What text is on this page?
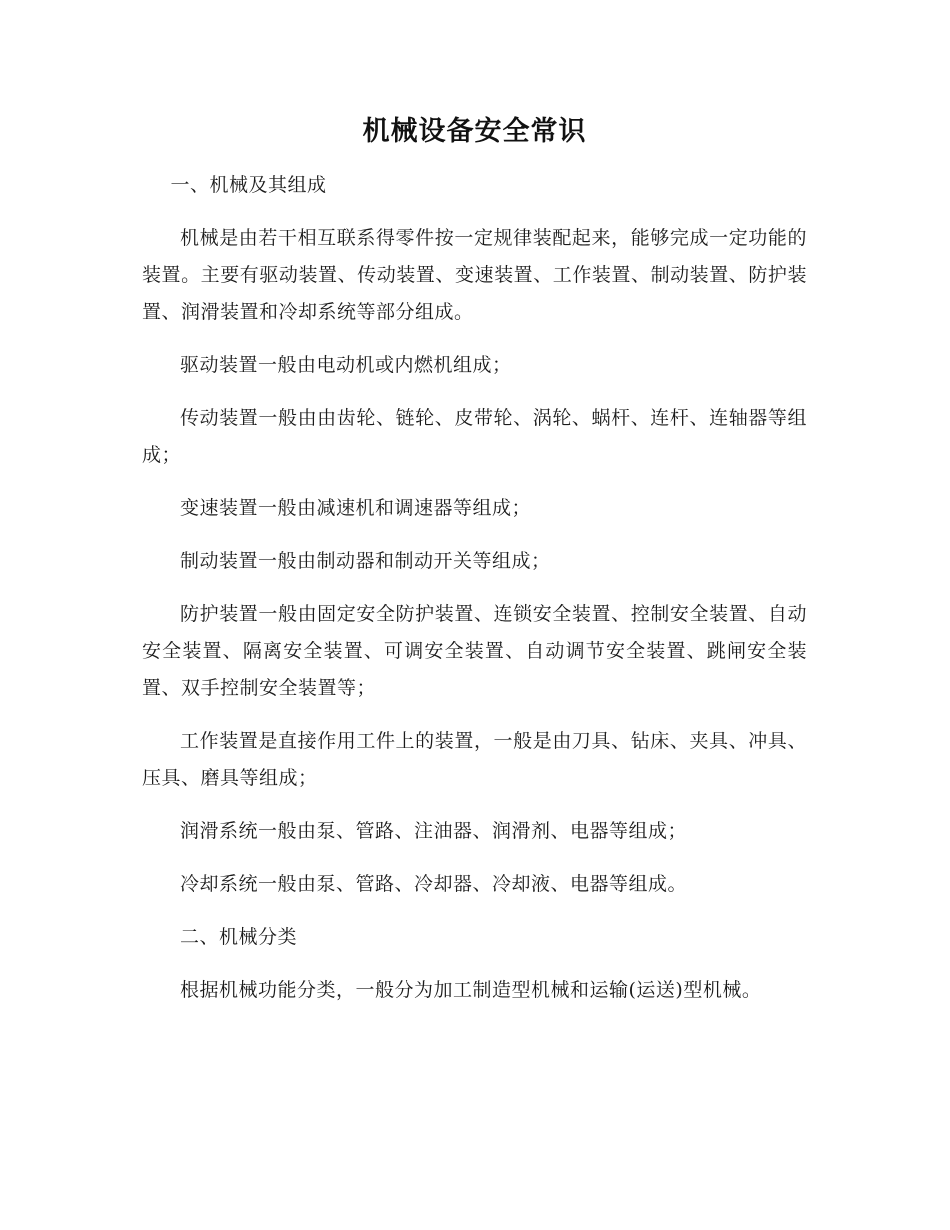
机械设备安全常识

一、机械及其组成

机械是由若干相互联系得零件按一定规律装配起来，能够完成一定功能的装置。主要有驱动装置、传动装置、变速装置、工作装置、制动装置、防护装置、润滑装置和冷却系统等部分组成。

驱动装置一般由电动机或内燃机组成；

传动装置一般由由齿轮、链轮、皮带轮、涡轮、蜗杆、连杆、连轴器等组成；

变速装置一般由减速机和调速器等组成；

制动装置一般由制动器和制动开关等组成；

防护装置一般由固定安全防护装置、连锁安全装置、控制安全装置、自动安全装置、隔离安全装置、可调安全装置、自动调节安全装置、跳闸安全装置、双手控制安全装置等；

工作装置是直接作用工件上的装置，一般是由刀具、钻床、夹具、冲具、压具、磨具等组成；

润滑系统一般由泵、管路、注油器、润滑剂、电器等组成；

冷却系统一般由泵、管路、冷却器、冷却液、电器等组成。

二、机械分类

根据机械功能分类，一般分为加工制造型机械和运输(运送)型机械。
